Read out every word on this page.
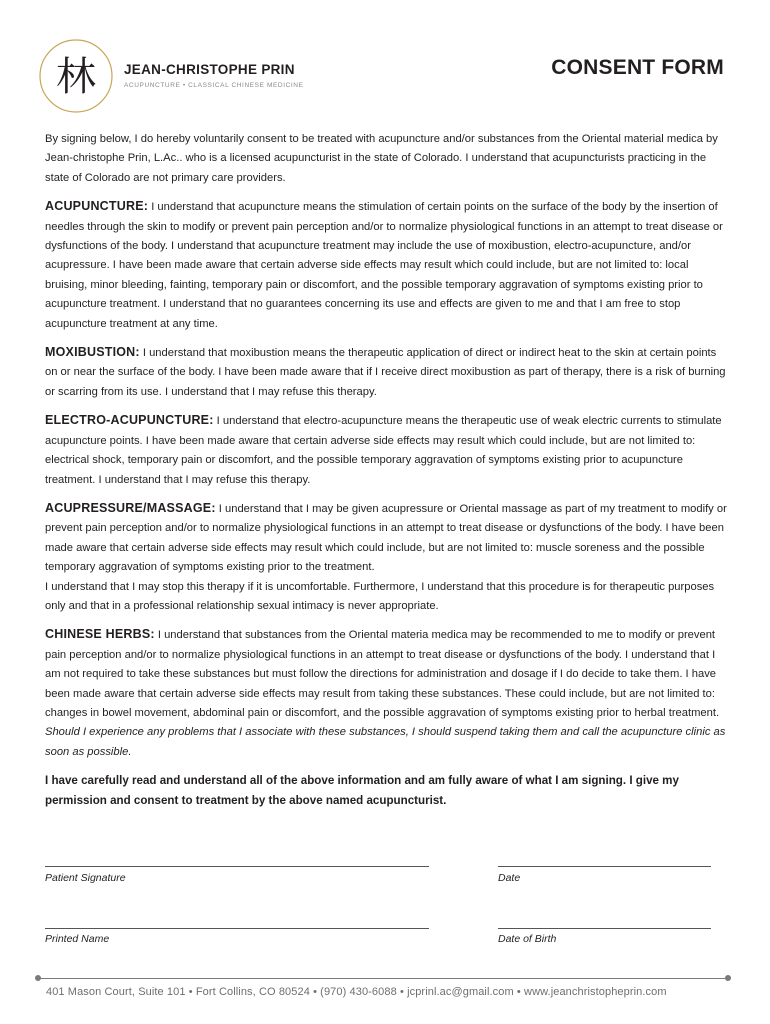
林 JEAN-CHRISTOPHE PRIN
ACUPUNCTURE • CLASSICAL CHINESE MEDICINE
CONSENT FORM

By signing below, I do hereby voluntarily consent to be treated with acupuncture and/or substances from the Oriental material medica by Jean-christophe Prin, L.Ac.. who is a licensed acupuncturist in the state of Colorado. I understand that acupuncturists practicing in the state of Colorado are not primary care providers.

ACUPUNCTURE: I understand that acupuncture means the stimulation of certain points on the surface of the body by the insertion of needles through the skin to modify or prevent pain perception and/or to normalize physiological functions in an attempt to treat disease or dysfunctions of the body. I understand that acupuncture treatment may include the use of moxibustion, electro-acupuncture, and/or acupressure. I have been made aware that certain adverse side effects may result which could include, but are not limited to: local bruising, minor bleeding, fainting, temporary pain or discomfort, and the possible temporary aggravation of symptoms existing prior to acupuncture treatment. I understand that no guarantees concerning its use and effects are given to me and that I am free to stop acupuncture treatment at any time.

MOXIBUSTION: I understand that moxibustion means the therapeutic application of direct or indirect heat to the skin at certain points on or near the surface of the body. I have been made aware that if I receive direct moxibustion as part of therapy, there is a risk of burning or scarring from its use. I understand that I may refuse this therapy.

ELECTRO-ACUPUNCTURE: I understand that electro-acupuncture means the therapeutic use of weak electric currents to stimulate acupuncture points. I have been made aware that certain adverse side effects may result which could include, but are not limited to: electrical shock, temporary pain or discomfort, and the possible temporary aggravation of symptoms existing prior to acupuncture treatment. I understand that I may refuse this therapy.

ACUPRESSURE/MASSAGE: I understand that I may be given acupressure or Oriental massage as part of my treatment to modify or prevent pain perception and/or to normalize physiological functions in an attempt to treat disease or dysfunctions of the body. I have been made aware that certain adverse side effects may result which could include, but are not limited to: muscle soreness and the possible temporary aggravation of symptoms existing prior to the treatment.
I understand that I may stop this therapy if it is uncomfortable. Furthermore, I understand that this procedure is for therapeutic purposes only and that in a professional relationship sexual intimacy is never appropriate.

CHINESE HERBS: I understand that substances from the Oriental materia medica may be recommended to me to modify or prevent pain perception and/or to normalize physiological functions in an attempt to treat disease or dysfunctions of the body. I understand that I am not required to take these substances but must follow the directions for administration and dosage if I do decide to take them. I have been made aware that certain adverse side effects may result from taking these substances. These could include, but are not limited to: changes in bowel movement, abdominal pain or discomfort, and the possible aggravation of symptoms existing prior to herbal treatment.
Should I experience any problems that I associate with these substances, I should suspend taking them and call the acupuncture clinic as soon as possible.

I have carefully read and understand all of the above information and am fully aware of what I am signing. I give my permission and consent to treatment by the above named acupuncturist.

Patient Signature	Date
Printed Name	Date of Birth
401 Mason Court, Suite 101 • Fort Collins, CO 80524 • (970) 430-6088 • jcprinl.ac@gmail.com • www.jeanchristopheprin.com
